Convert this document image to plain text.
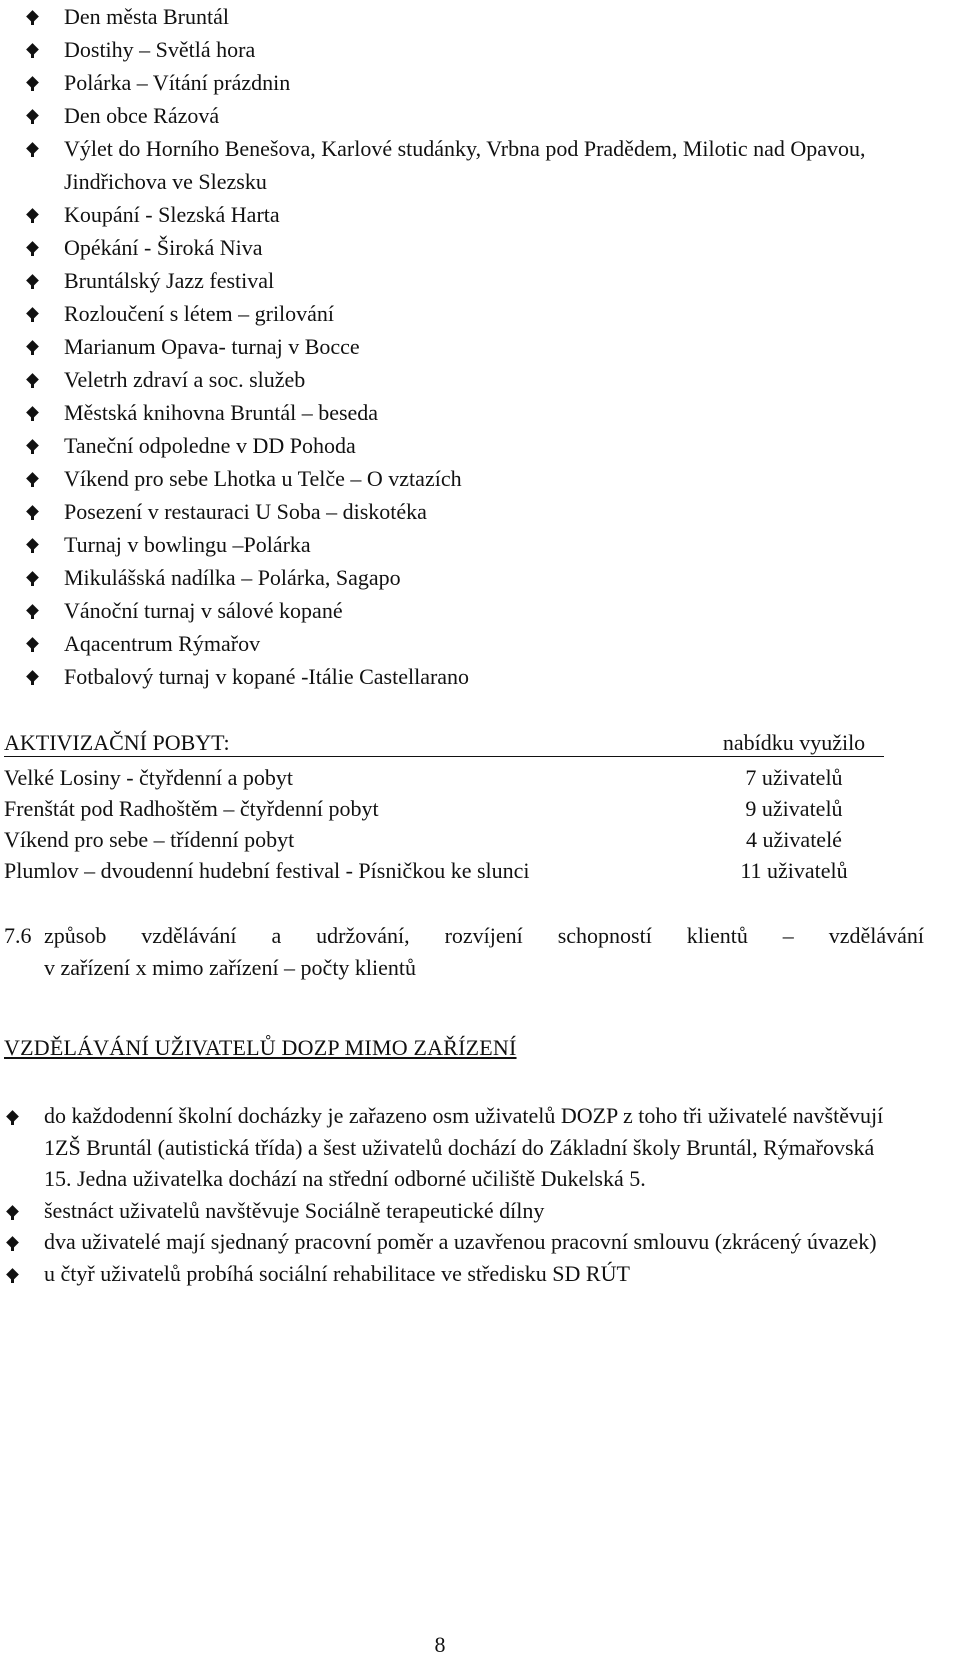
Den města Bruntál
Dostihy – Světlá hora
Polárka – Vítání prázdnin
Den obce Rázová
Výlet do Horního Benešova, Karlové studánky, Vrbna pod Pradědem, Milotic nad Opavou, Jindřichova ve Slezsku
Koupání - Slezská Harta
Opékání - Široká Niva
Bruntálský Jazz festival
Rozloučení s létem – grilování
Marianum Opava- turnaj v Bocce
Veletrh zdraví a soc. služeb
Městská knihovna Bruntál – beseda
Taneční odpoledne v DD Pohoda
Víkend pro sebe Lhotka u Telče – O vztazích
Posezení v restauraci U Soba – diskotéka
Turnaj v bowlingu –Polárka
Mikulášská nadílka – Polárka, Sagapo
Vánoční turnaj v sálové kopané
Aqacentrum Rýmařov
Fotbalový turnaj v kopané -Itálie Castellarano
AKTIVIZAČNÍ POBYT:	nabídku využilo
Velké Losiny - čtyřdenní a pobyt	7 uživatelů
Frenštát pod Radhoštěm – čtyřdenní pobyt	9 uživatelů
Víkend pro sebe – třídenní pobyt	4 uživatelé
Plumlov – dvoudenní hudební festival - Písničkou ke slunci	11 uživatelů
7.6 způsob vzdělávání a udržování, rozvíjení schopností klientů – vzdělávání
v zařízení x mimo zařízení – počty klientů
VZDĚLÁVÁNÍ UŽIVATELŮ DOZP MIMO ZAŘÍZENÍ
do každodenní školní docházky je zařazeno osm uživatelů DOZP z toho tři uživatelé navštěvují 1ZŠ Bruntál (autistická třída) a šest uživatelů dochází do Základní školy Bruntál, Rýmařovská 15. Jedna uživatelka dochází na střední odborné učiliště Dukelská 5.
šestnáct uživatelů navštěvuje Sociálně terapeutické dílny
dva uživatelé mají sjednaný pracovní poměr a uzavřenou pracovní smlouvu (zkrácený úvazek)
u čtyř uživatelů probíhá sociální rehabilitace ve středisku SD RÚT
8
